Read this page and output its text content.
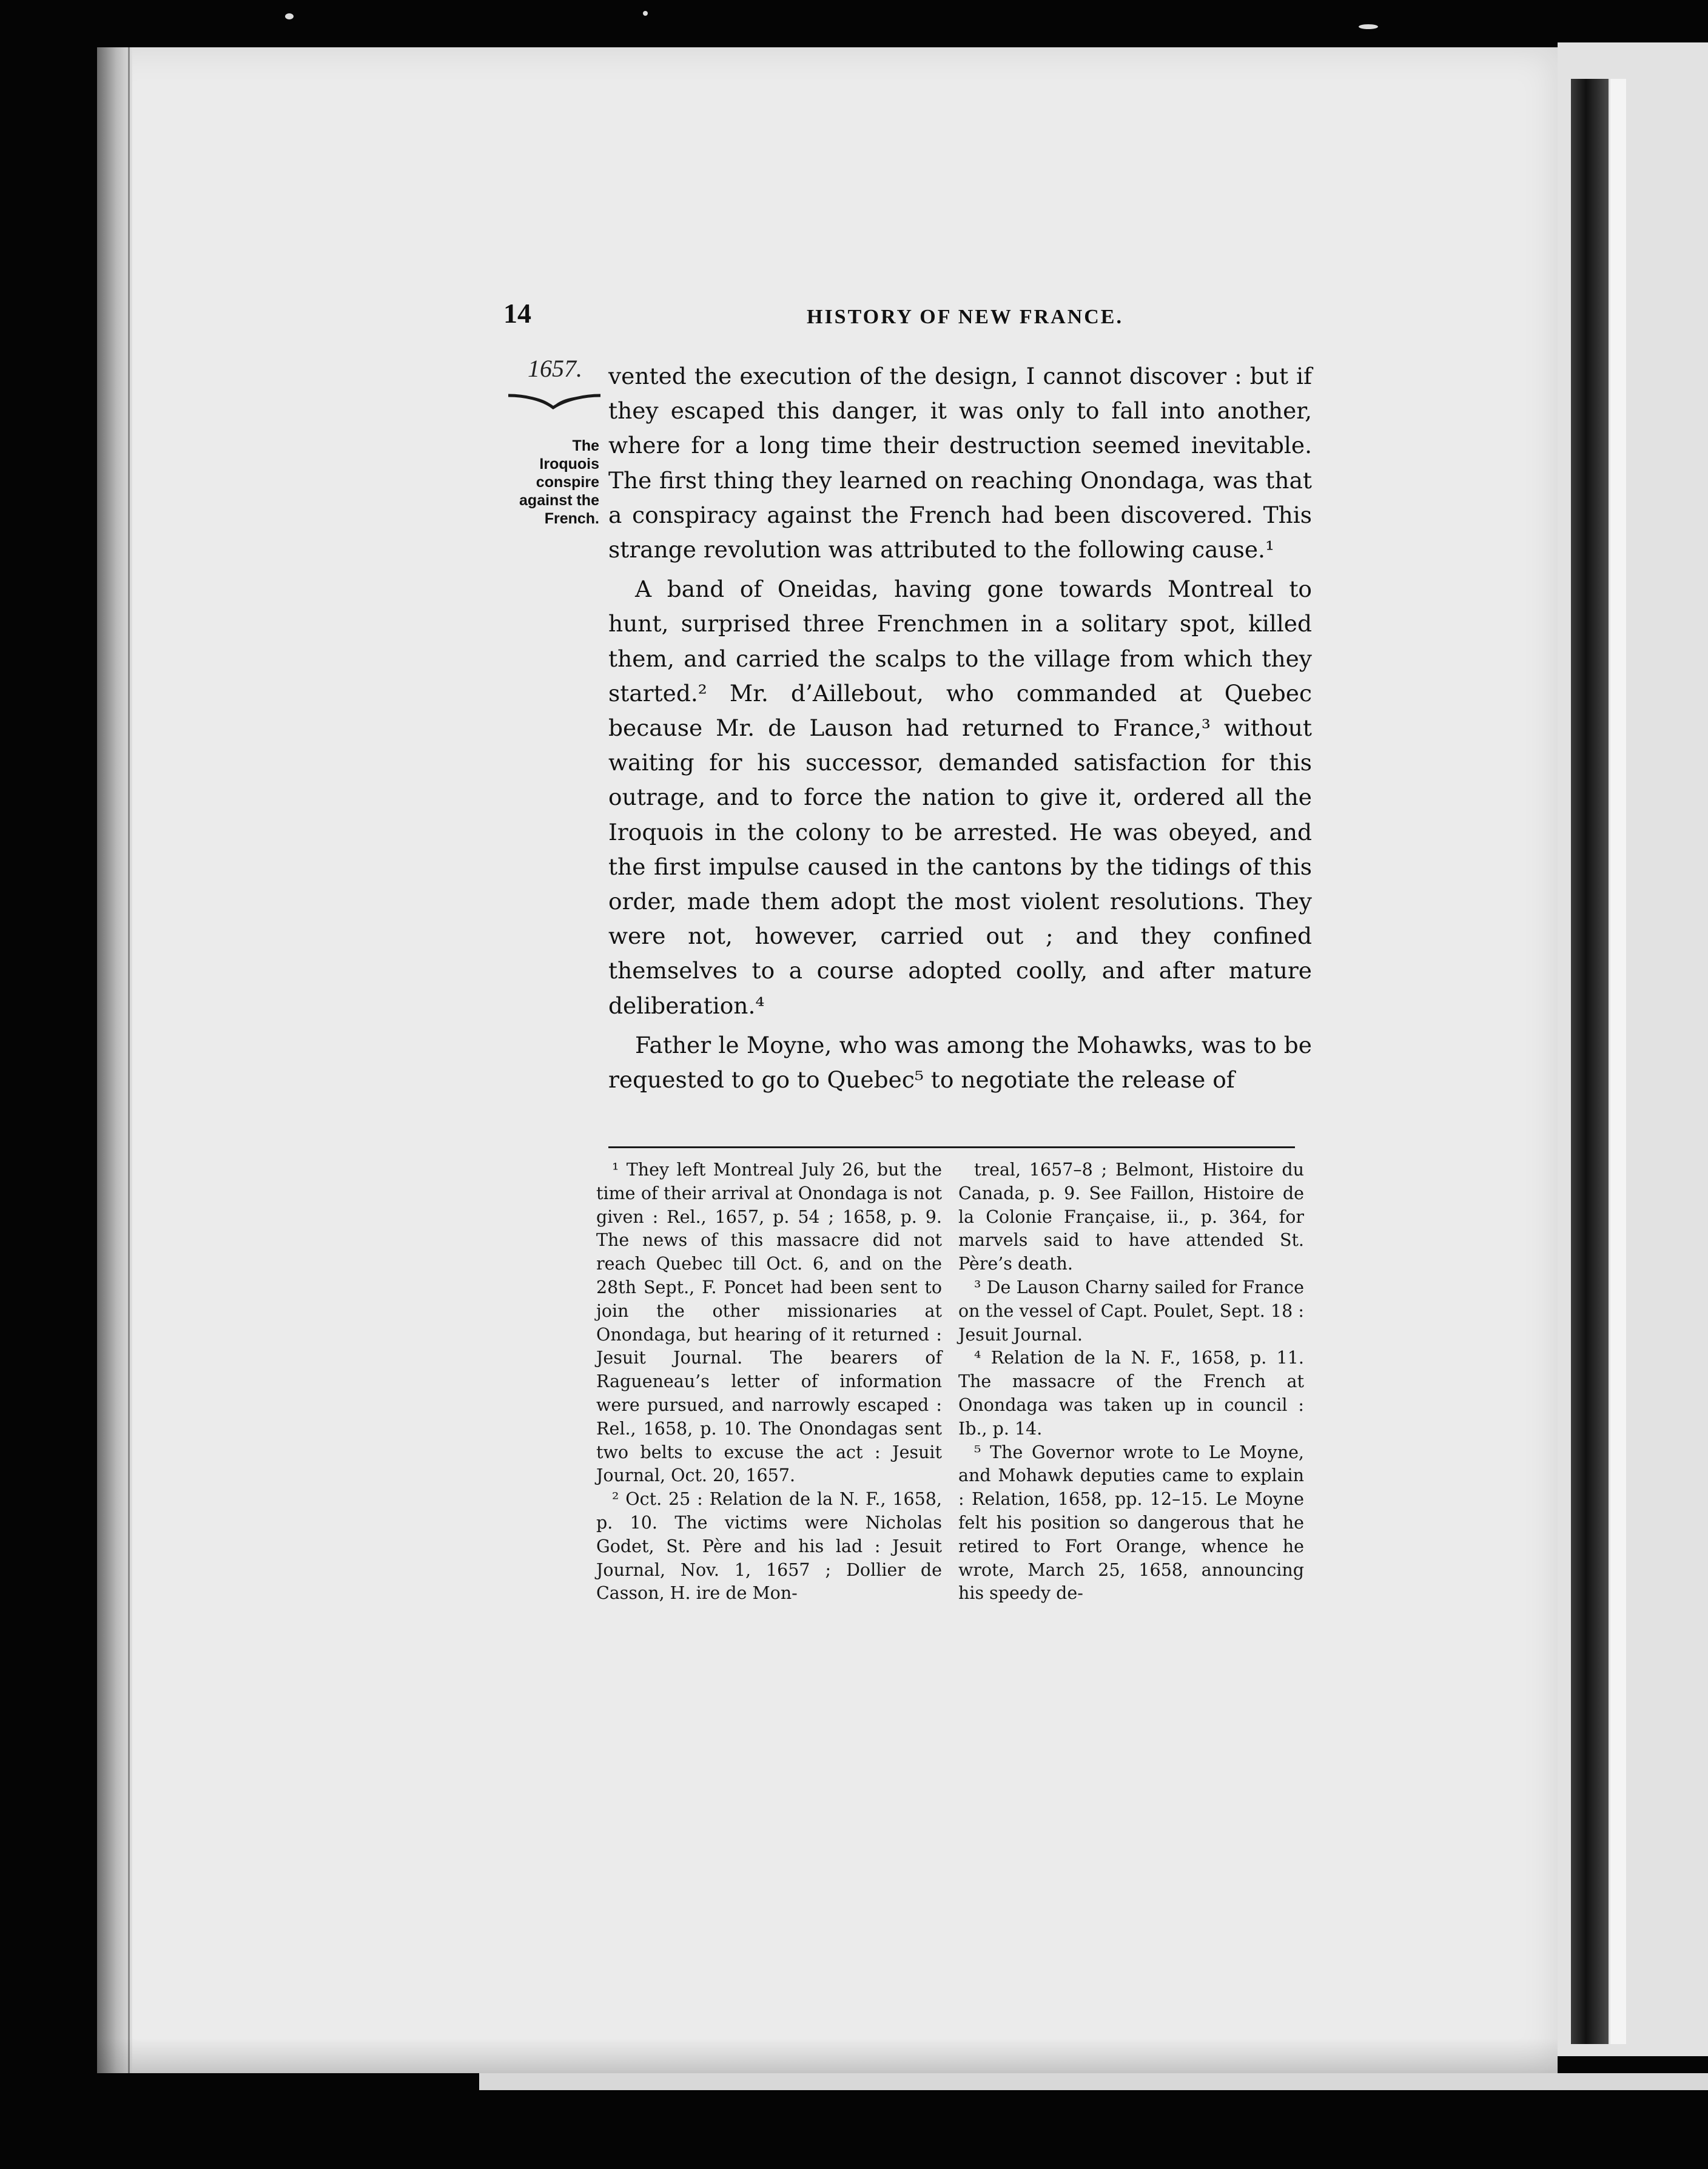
14	HISTORY OF NEW FRANCE.
1657.
The
Iroquois
conspire
against the
French.

vented the execution of the design, I cannot discover : but if they escaped this danger, it was only to fall into another, where for a long time their destruction seemed inevitable. The first thing they learned on reaching Onondaga, was that a conspiracy against the French had been discovered. This strange revolution was attributed to the following cause.¹

A band of Oneidas, having gone towards Montreal to hunt, surprised three Frenchmen in a solitary spot, killed them, and carried the scalps to the village from which they started.² Mr. d’Aillebout, who commanded at Quebec because Mr. de Lauson had returned to France,³ without waiting for his successor, demanded satisfaction for this outrage, and to force the nation to give it, ordered all the Iroquois in the colony to be arrested. He was obeyed, and the first impulse caused in the cantons by the tidings of this order, made them adopt the most violent resolutions. They were not, however, carried out ; and they confined themselves to a course adopted coolly, and after mature deliberation.⁴

Father le Moyne, who was among the Mohawks, was to be requested to go to Quebec⁵ to negotiate the release of

¹ They left Montreal July 26, but the time of their arrival at Onondaga is not given : Rel., 1657, p. 54 ; 1658, p. 9. The news of this massacre did not reach Quebec till Oct. 6, and on the 28th Sept., F. Poncet had been sent to join the other missionaries at Onondaga, but hearing of it returned : Jesuit Journal. The bearers of Ragueneau’s letter of information were pursued, and narrowly escaped : Rel., 1658, p. 10. The Onondagas sent two belts to excuse the act : Jesuit Journal, Oct. 20, 1657.

² Oct. 25 : Relation de la N. F., 1658, p. 10. The victims were Nicholas Godet, St. Père and his lad : Jesuit Journal, Nov. 1, 1657 ; Dollier de Casson, H. ire de Mon-

treal, 1657–8 ; Belmont, Histoire du Canada, p. 9. See Faillon, Histoire de la Colonie Française, ii., p. 364, for marvels said to have attended St. Père’s death.

³ De Lauson Charny sailed for France on the vessel of Capt. Poulet, Sept. 18 : Jesuit Journal.

⁴ Relation de la N. F., 1658, p. 11. The massacre of the French at Onondaga was taken up in council : Ib., p. 14.

⁵ The Governor wrote to Le Moyne, and Mohawk deputies came to explain : Relation, 1658, pp. 12–15. Le Moyne felt his position so dangerous that he retired to Fort Orange, whence he wrote, March 25, 1658, announcing his speedy de-
